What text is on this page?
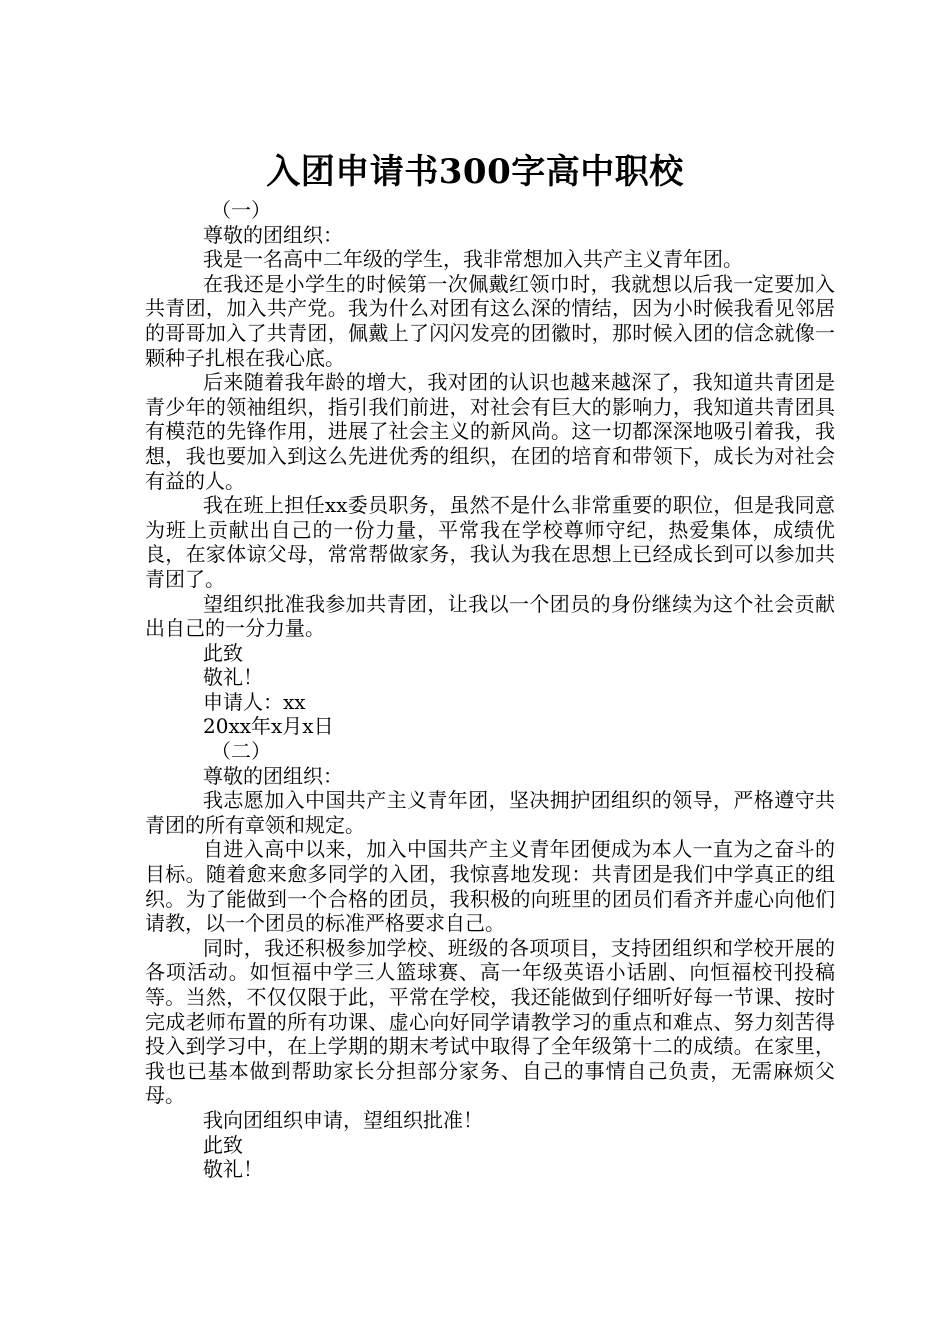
入团申请书300字高中职校

（一）

尊敬的团组织：

我是一名高中二年级的学生，我非常想加入共产主义青年团。

在我还是小学生的时候第一次佩戴红领巾时，我就想以后我一定要加入共青团，加入共产党。我为什么对团有这么深的情结，因为小时候我看见邻居的哥哥加入了共青团，佩戴上了闪闪发亮的团徽时，那时候入团的信念就像一颗种子扎根在我心底。

后来随着我年龄的增大，我对团的认识也越来越深了，我知道共青团是青少年的领袖组织，指引我们前进，对社会有巨大的影响力，我知道共青团具有模范的先锋作用，进展了社会主义的新风尚。这一切都深深地吸引着我，我想，我也要加入到这么先进优秀的组织，在团的培育和带领下，成长为对社会有益的人。

我在班上担任xx委员职务，虽然不是什么非常重要的职位，但是我同意为班上贡献出自己的一份力量，平常我在学校尊师守纪，热爱集体，成绩优良，在家体谅父母，常常帮做家务，我认为我在思想上已经成长到可以参加共青团了。

望组织批准我参加共青团，让我以一个团员的身份继续为这个社会贡献出自己的一分力量。

此致

敬礼！

申请人：xx

20xx年x月x日

（二）

尊敬的团组织：

我志愿加入中国共产主义青年团，坚决拥护团组织的领导，严格遵守共青团的所有章领和规定。

自进入高中以来，加入中国共产主义青年团便成为本人一直为之奋斗的目标。随着愈来愈多同学的入团，我惊喜地发现：共青团是我们中学真正的组织。为了能做到一个合格的团员，我积极的向班里的团员们看齐并虚心向他们请教，以一个团员的标准严格要求自己。

同时，我还积极参加学校、班级的各项项目，支持团组织和学校开展的各项活动。如恒福中学三人篮球赛、高一年级英语小话剧、向恒福校刊投稿等。当然，不仅仅限于此，平常在学校，我还能做到仔细听好每一节课、按时完成老师布置的所有功课、虚心向好同学请教学习的重点和难点、努力刻苦得投入到学习中，在上学期的期末考试中取得了全年级第十二的成绩。在家里，我也已基本做到帮助家长分担部分家务、自己的事情自己负责，无需麻烦父母。

我向团组织申请，望组织批准！

此致

敬礼！
